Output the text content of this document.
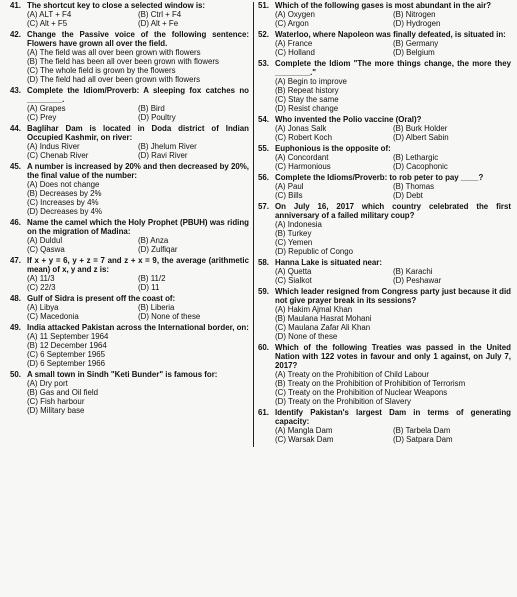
41. The shortcut key to close a selected window is:
(A) ALT + F4	(B) Ctrl + F4
(C) Alt + F5	(D) Alt + Fe
42. Change the Passive voice of the following sentence: Flowers have grown all over the field.
(A) The field was all over been grown with flowers
(B) The field has been all over been grown with flowers
(C) The whole field is grown by the flowers
(D) The field had all over been grown with flowers
43. Complete the Idiom/Proverb: A sleeping fox catches no ________.
(A) Grapes	(B) Bird
(C) Prey	(D) Poultry
44. Baglihar Dam is located in Doda district of Indian Occupied Kashmir, on river:
(A) Indus River	(B) Jhelum River
(C) Chenab River	(D) Ravi River
45. A number is increased by 20% and then decreased by 20%, the final value of the number:
(A) Does not change
(B) Decreases by 2%
(C) Increases by 4%
(D) Decreases by 4%
46. Name the camel which the Holy Prophet (PBUH) was riding on the migration of Madina:
(A) Duldul	(B) Anza
(C) Qaswa	(D) Zulfiqar
47. If x + y = 6, y + z = 7 and z + x = 9, the average (arithmetic mean) of x, y and z is:
(A) 11/3	(B) 11/2
(C) 22/3	(D) 11
48. Gulf of Sidra is present off the coast of:
(A) Libya	(B) Liberia
(C) Macedonia	(D) None of these
49. India attacked Pakistan across the International border, on:
(A) 11 September 1964
(B) 12 December 1964
(C) 6 September 1965
(D) 6 September 1966
50. A small town in Sindh "Keti Bunder" is famous for:
(A) Dry port
(B) Gas and Oil field
(C) Fish harbour
(D) Military base
51. Which of the following gases is most abundant in the air?
(A) Oxygen	(B) Nitrogen
(C) Argon	(D) Hydrogen
52. Waterloo, where Napoleon was finally defeated, is situated in:
(A) France	(B) Germany
(C) Holland	(D) Belgium
53. Complete the Idiom "The more things change, the more they ________."
(A) Begin to improve
(B) Repeat history
(C) Stay the same
(D) Resist change
54. Who invented the Polio vaccine (Oral)?
(A) Jonas Salk	(B) Burk Holder
(C) Robert Koch	(D) Albert Sabin
55. Euphonious is the opposite of:
(A) Concordant	(B) Lethargic
(C) Harmonious	(D) Cacophonic
56. Complete the Idioms/Proverb: to rob peter to pay ____?
(A) Paul	(B) Thomas
(C) Bills	(D) Debt
57. On July 16, 2017 which country celebrated the first anniversary of a failed military coup?
(A) Indonesia
(B) Turkey
(C) Yemen
(D) Republic of Congo
58. Hanna Lake is situated near:
(A) Quetta	(B) Karachi
(C) Sialkot	(D) Peshawar
59. Which leader resigned from Congress party just because it did not give prayer break in its sessions?
(A) Hakim Ajmal Khan
(B) Maulana Hasrat Mohani
(C) Maulana Zafar Ali Khan
(D) None of these
60. Which of the following Treaties was passed in the United Nation with 122 votes in favour and only 1 against, on July 7, 2017?
(A) Treaty on the Prohibition of Child Labour
(B) Treaty on the Prohibition of Prohibition of Terrorism
(C) Treaty on the Prohibition of Nuclear Weapons
(D) Treaty on the Prohibition of Slavery
61. Identify Pakistan's largest Dam in terms of generating capacity:
(A) Mangla Dam	(B) Tarbela Dam
(C) Warsak Dam	(D) Satpara Dam
